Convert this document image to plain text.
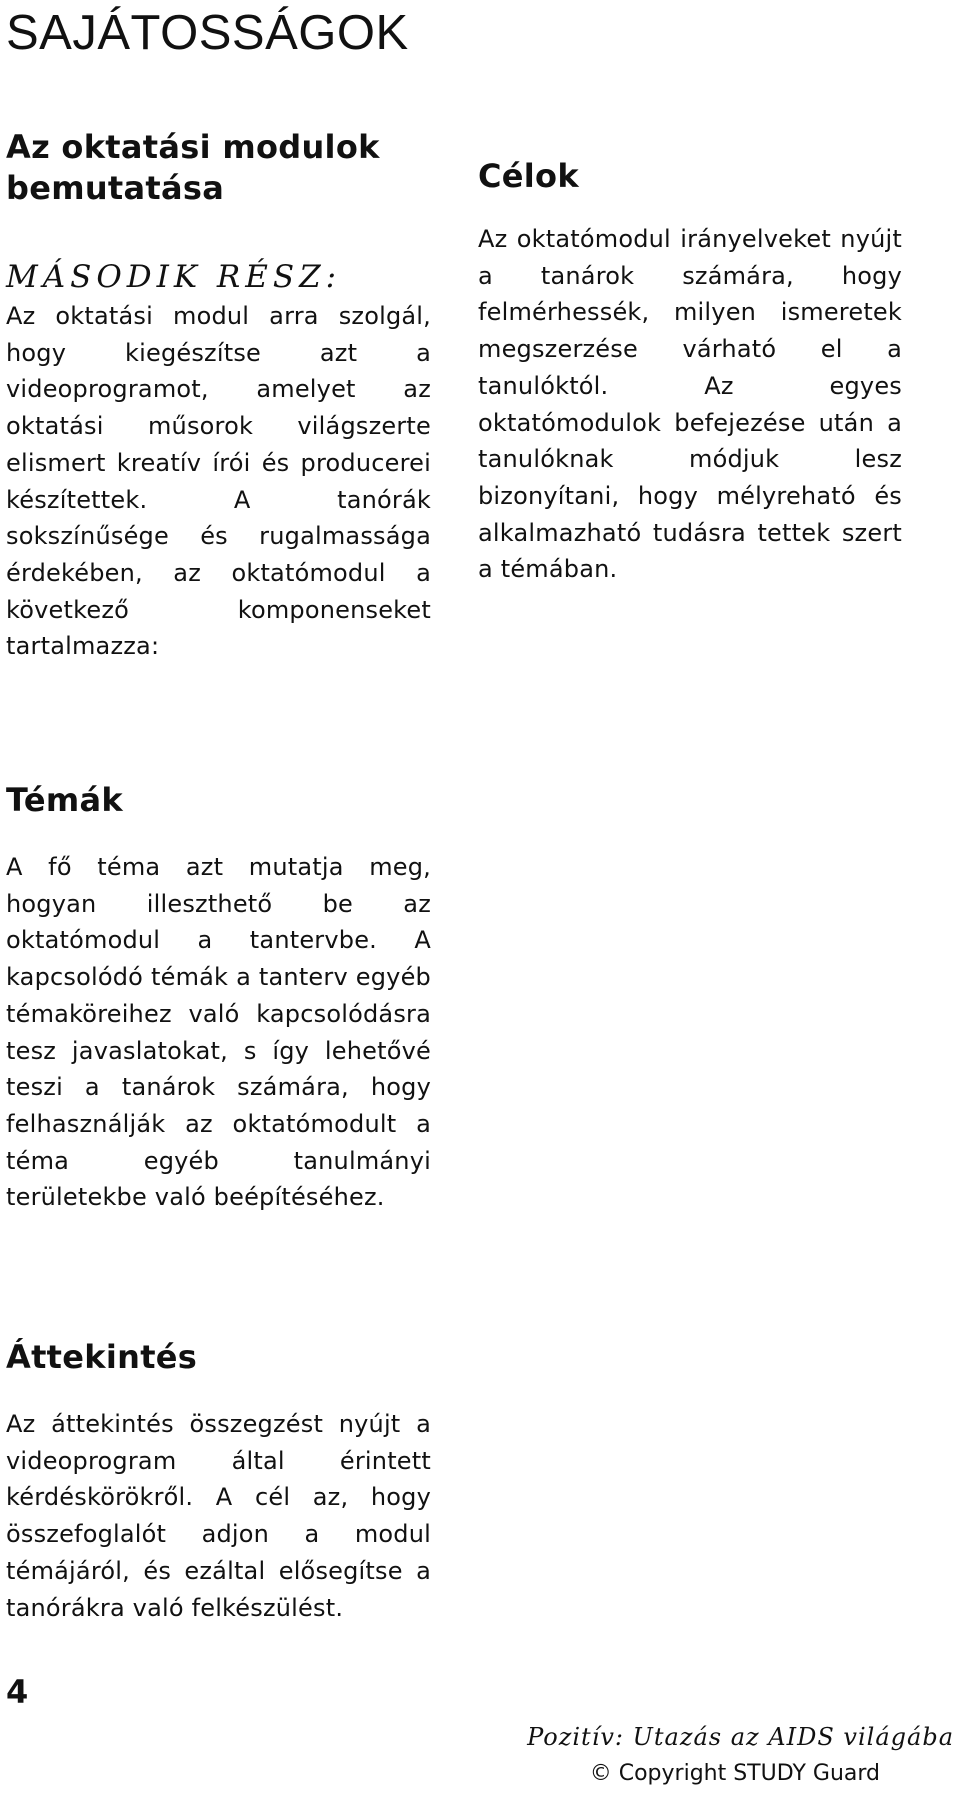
SAJÁTOSSÁGOK
Az oktatási modulok bemutatása
MÁSODIK RÉSZ:

Az oktatási modul arra szolgál, hogy kiegészítse azt a videoprogramot, amelyet az oktatási műsorok világszerte elismert kreatív írói és producerei készítettek. A tanórák sokszínűsége és rugalmassága érdekében, az oktatómodul a következő komponenseket tartalmazza:

Célok

Az oktatómodul irányelveket nyújt a tanárok számára, hogy felmérhessék, milyen ismeretek megszerzése várható el a tanulóktól. Az egyes oktatómodulok befejezése után a tanulóknak módjuk lesz bizonyítani, hogy mélyreható és alkalmazható tudásra tettek szert a témában.

Témák

A fő téma azt mutatja meg, hogyan illeszthető be az oktatómodul a tantervbe. A kapcsolódó témák a tanterv egyéb témaköreihez való kapcsolódásra tesz javaslatokat, s így lehetővé teszi a tanárok számára, hogy felhasználják az oktatómodult a téma egyéb tanulmányi területekbe való beépítéséhez.

Áttekintés

Az áttekintés összegzést nyújt a videoprogram által érintett kérdéskörökről. A cél az, hogy összefoglalót adjon a modul témájáról, és ezáltal elősegítse a tanórákra való felkészülést.

4
Pozitív: Utazás az AIDS világába
© Copyright STUDY Guard
